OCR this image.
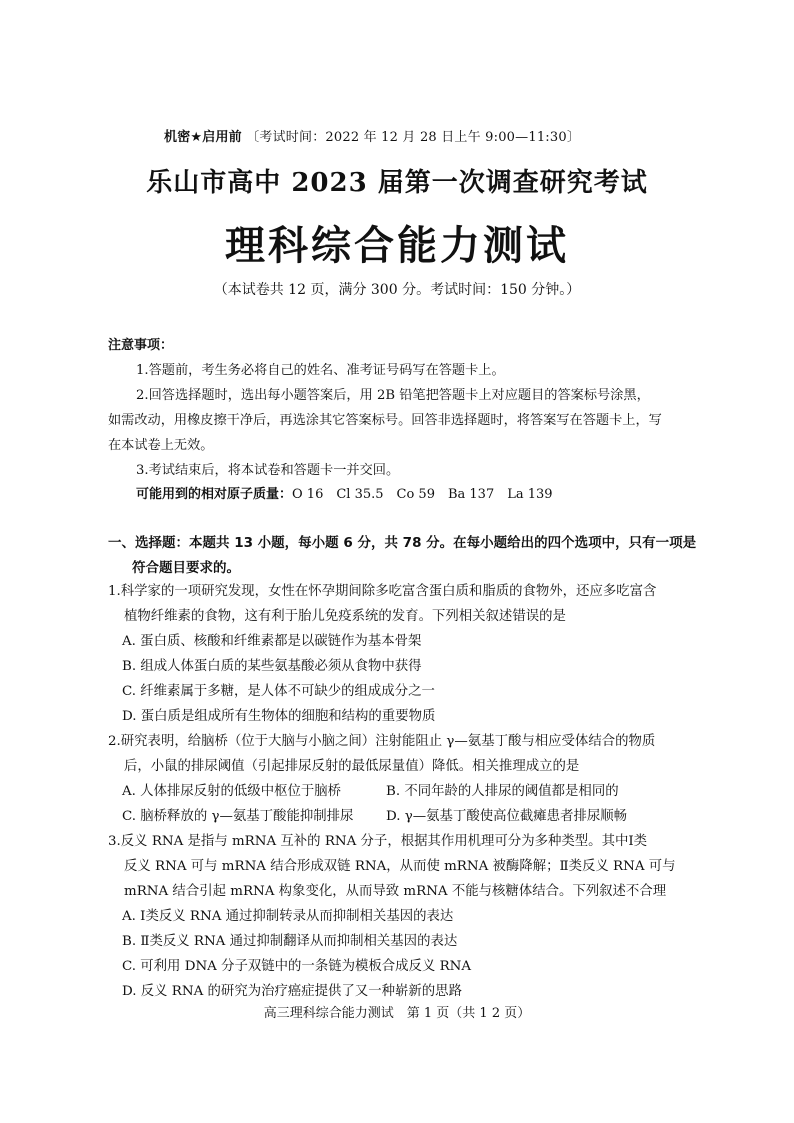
机密★启用前 〔考试时间：2022 年 12 月 28 日上午 9:00—11:30〕
乐山市高中 2023 届第一次调查研究考试
理科综合能力测试
（本试卷共 12 页，满分 300 分。考试时间：150 分钟。）
注意事项：
1.答题前，考生务必将自己的姓名、准考证号码写在答题卡上。
2.回答选择题时，选出每小题答案后，用 2B 铅笔把答题卡上对应题目的答案标号涂黑，
如需改动，用橡皮擦干净后，再选涂其它答案标号。回答非选择题时，将答案写在答题卡上，写
在本试卷上无效。
3.考试结束后，将本试卷和答题卡一并交回。
可能用到的相对原子质量：O 16　Cl 35.5　Co 59　Ba 137　La 139
一、选择题：本题共 13 小题，每小题 6 分，共 78 分。在每小题给出的四个选项中，只有一项是
符合题目要求的。
1.科学家的一项研究发现，女性在怀孕期间除多吃富含蛋白质和脂质的食物外，还应多吃富含
植物纤维素的食物，这有利于胎儿免疫系统的发育。下列相关叙述错误的是
A. 蛋白质、核酸和纤维素都是以碳链作为基本骨架
B. 组成人体蛋白质的某些氨基酸必须从食物中获得
C. 纤维素属于多糖，是人体不可缺少的组成成分之一
D. 蛋白质是组成所有生物体的细胞和结构的重要物质
2.研究表明，给脑桥（位于大脑与小脑之间）注射能阻止 γ—氨基丁酸与相应受体结合的物质
后，小鼠的排尿阈值（引起排尿反射的最低尿量值）降低。相关推理成立的是
A. 人体排尿反射的低级中枢位于脑桥	B. 不同年龄的人排尿的阈值都是相同的
C. 脑桥释放的 γ—氨基丁酸能抑制排尿 D. γ—氨基丁酸使高位截瘫患者排尿顺畅
3.反义 RNA 是指与 mRNA 互补的 RNA 分子，根据其作用机理可分为多种类型。其中Ⅰ类
反义 RNA 可与 mRNA 结合形成双链 RNA，从而使 mRNA 被酶降解；Ⅱ类反义 RNA 可与
mRNA 结合引起 mRNA 构象变化，从而导致 mRNA 不能与核糖体结合。下列叙述不合理
A. Ⅰ类反义 RNA 通过抑制转录从而抑制相关基因的表达
B. Ⅱ类反义 RNA 通过抑制翻译从而抑制相关基因的表达
C. 可利用 DNA 分子双链中的一条链为模板合成反义 RNA
D. 反义 RNA 的研究为治疗癌症提供了又一种崭新的思路
高三理科综合能力测试　第 1 页（共 1 2 页）
